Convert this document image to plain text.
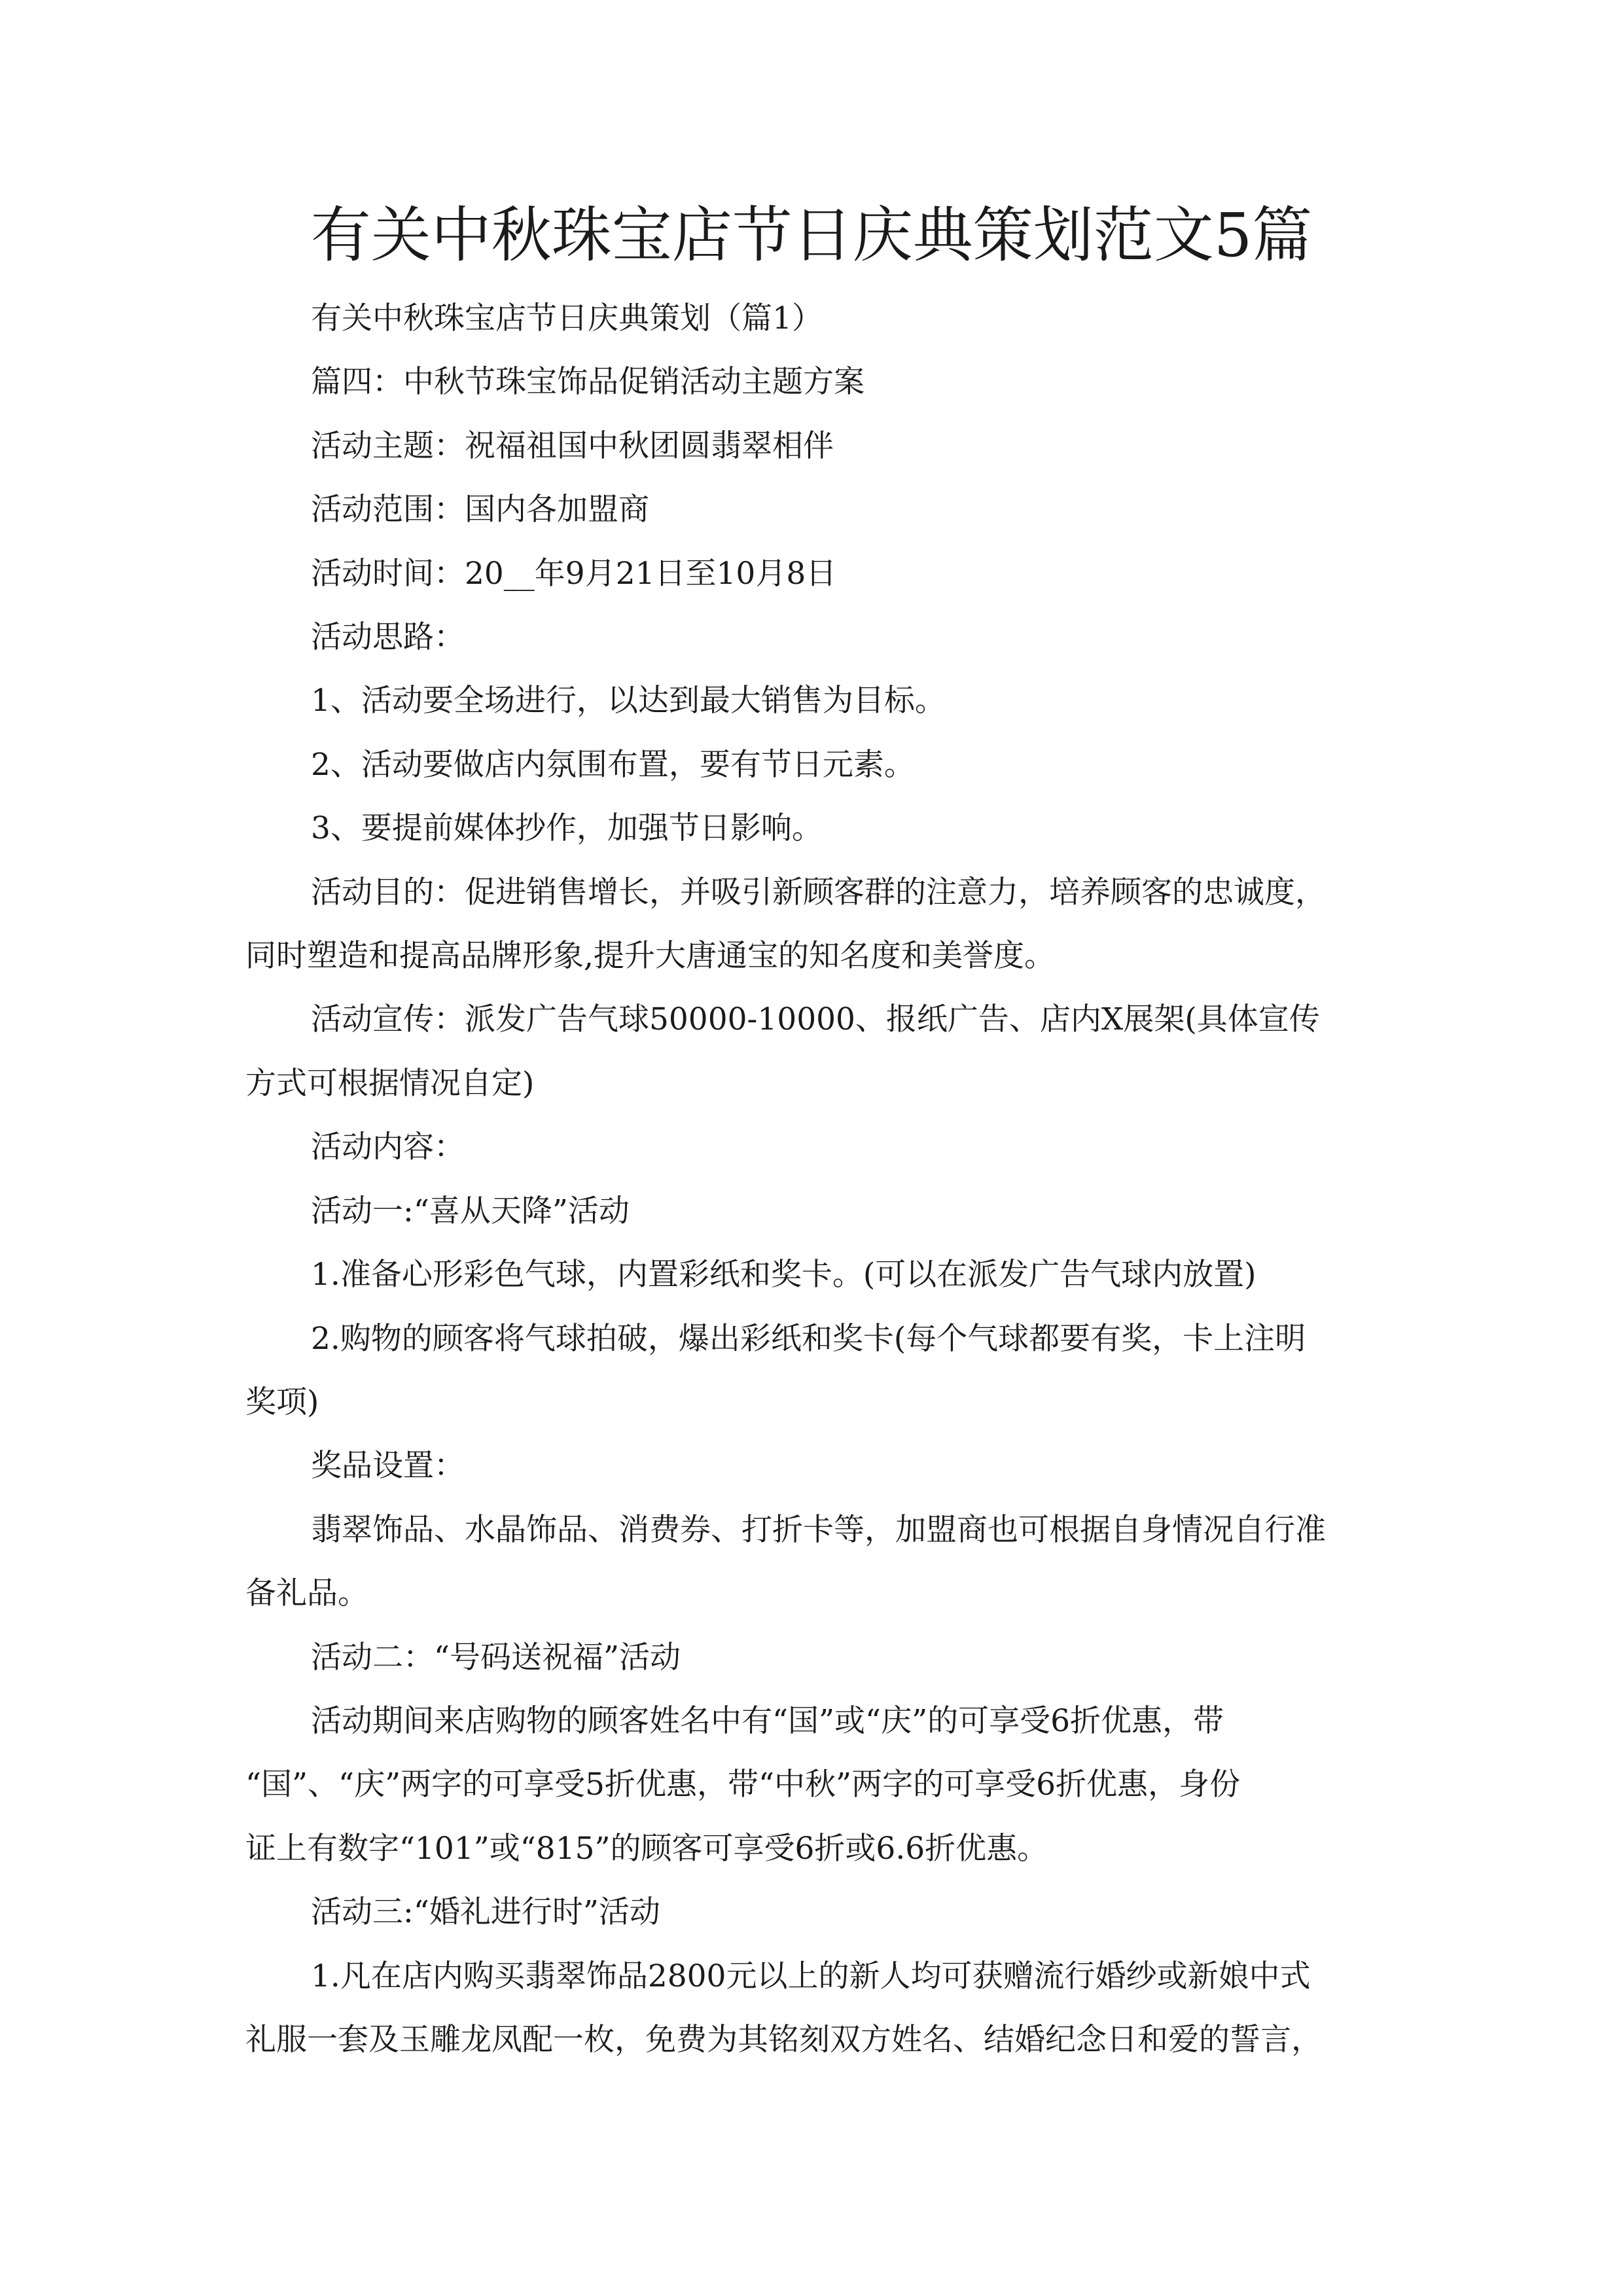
有关中秋珠宝店节日庆典策划范文5篇

有关中秋珠宝店节日庆典策划（篇1）

篇四：中秋节珠宝饰品促销活动主题方案

活动主题：祝福祖国中秋团圆翡翠相伴

活动范围：国内各加盟商

活动时间：20__年9月21日至10月8日

活动思路：

1、活动要全场进行，以达到最大销售为目标。

2、活动要做店内氛围布置，要有节日元素。

3、要提前媒体抄作，加强节日影响。

活动目的：促进销售增长，并吸引新顾客群的注意力，培养顾客的忠诚度，

同时塑造和提高品牌形象,提升大唐通宝的知名度和美誉度。

活动宣传：派发广告气球50000-10000、报纸广告、店内X展架(具体宣传

方式可根据情况自定)

活动内容：

活动一:“喜从天降”活动

1.准备心形彩色气球，内置彩纸和奖卡。(可以在派发广告气球内放置)

2.购物的顾客将气球拍破，爆出彩纸和奖卡(每个气球都要有奖，卡上注明

奖项)

奖品设置：

翡翠饰品、水晶饰品、消费券、打折卡等，加盟商也可根据自身情况自行准

备礼品。

活动二：“号码送祝福”活动

活动期间来店购物的顾客姓名中有“国”或“庆”的可享受6折优惠，带

“国”、“庆”两字的可享受5折优惠，带“中秋”两字的可享受6折优惠，身份

证上有数字“101”或“815”的顾客可享受6折或6.6折优惠。

活动三:“婚礼进行时”活动

1.凡在店内购买翡翠饰品2800元以上的新人均可获赠流行婚纱或新娘中式

礼服一套及玉雕龙凤配一枚，免费为其铭刻双方姓名、结婚纪念日和爱的誓言，
